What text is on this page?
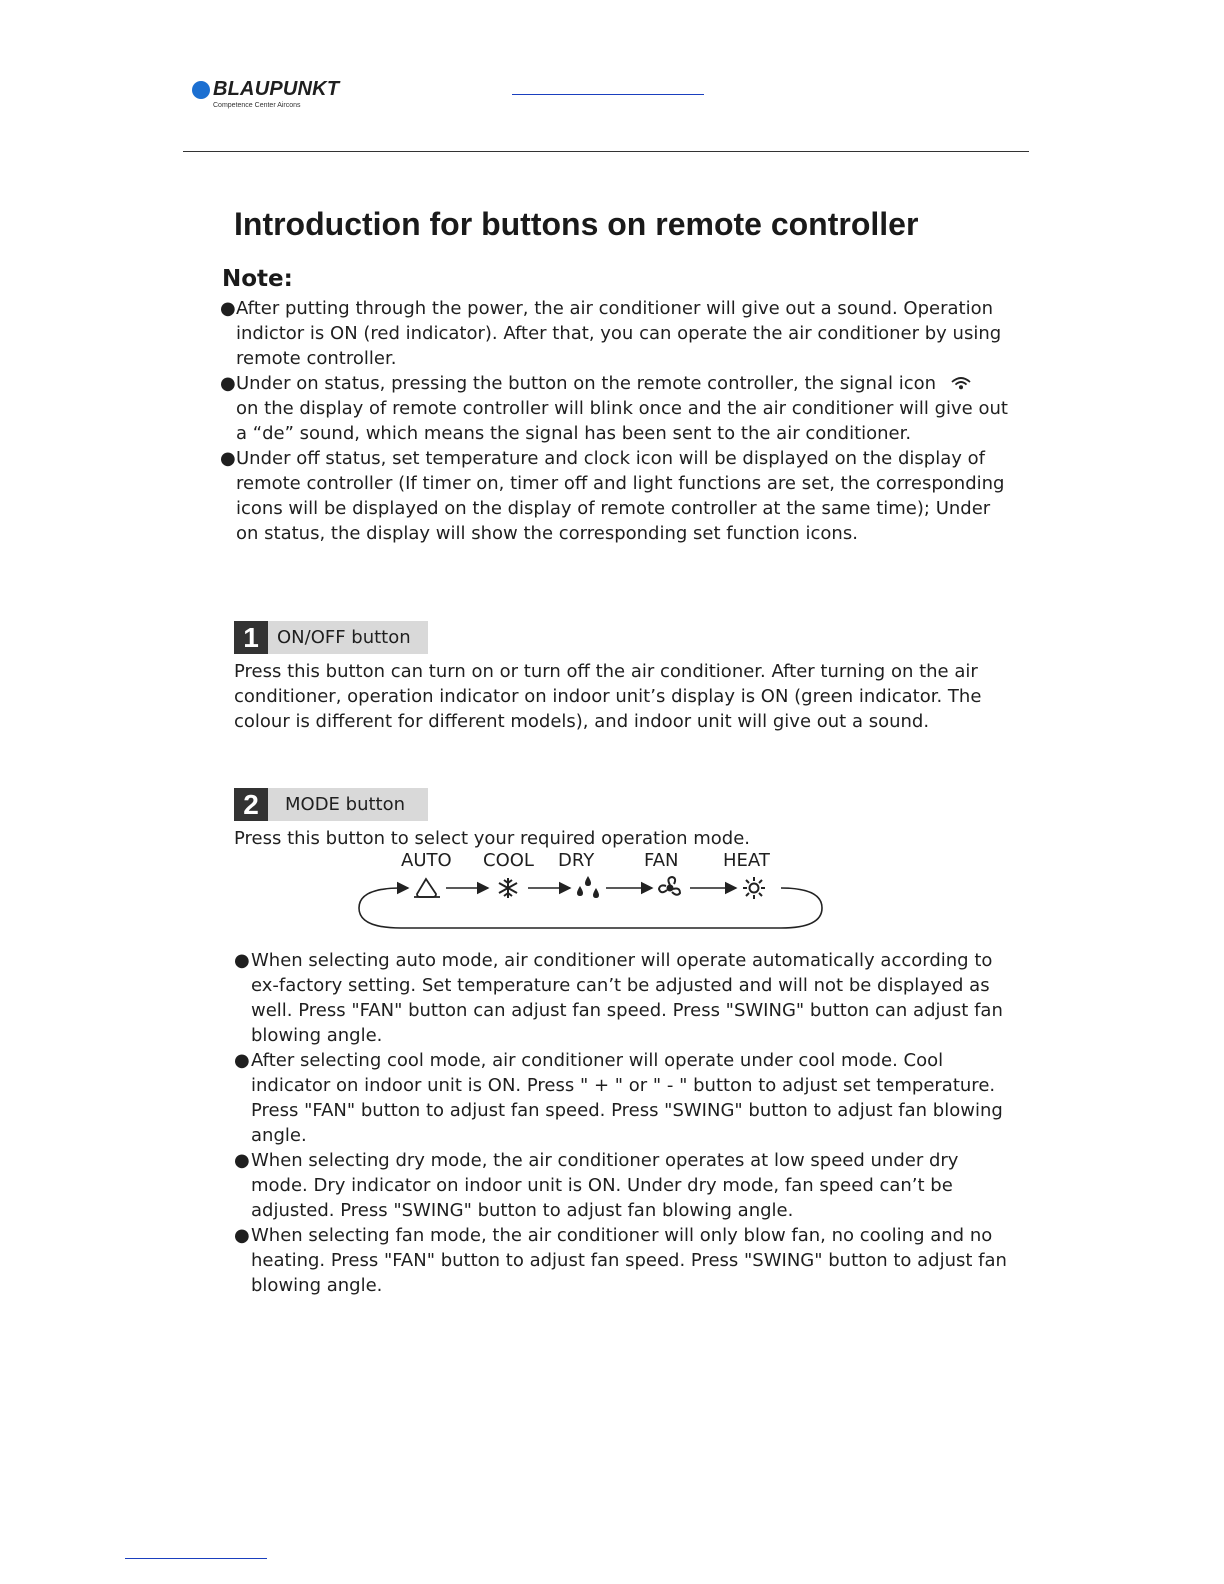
BLAUPUNKT
Competence Center Aircons
Introduction for buttons on remote controller
Note:
● After putting through the power, the air conditioner will give out a sound. Operation indictor is ON (red indicator). After that, you can operate the air conditioner by using remote controller.
● Under on status, pressing the button on the remote controller, the signal icon
on the display of remote controller will blink once and the air conditioner will give out a “de” sound, which means the signal has been sent to the air conditioner.
● Under off status, set temperature and clock icon will be displayed on the display of remote controller (If timer on, timer off and light functions are set, the corresponding icons will be displayed on the display of remote controller at the same time); Under on status, the display will show the corresponding set function icons.
1	ON/OFF button
Press this button can turn on or turn off the air conditioner. After turning on the air conditioner, operation indicator on indoor unit’s display is ON (green indicator. The colour is different for different models), and indoor unit will give out a sound.
2	MODE button
Press this button to select your required operation mode.
AUTO COOL DRY	FAN HEAT
● When selecting auto mode, air conditioner will operate automatically according to ex-factory setting. Set temperature can’t be adjusted and will not be displayed as well. Press "FAN" button can adjust fan speed. Press "SWING" button can adjust fan blowing angle.
● After selecting cool mode, air conditioner will operate under cool mode. Cool indicator on indoor unit is ON. Press " + " or " - " button to adjust set temperature. Press "FAN" button to adjust fan speed. Press "SWING" button to adjust fan blowing angle.
● When selecting dry mode, the air conditioner operates at low speed under dry mode. Dry indicator on indoor unit is ON. Under dry mode, fan speed can’t be adjusted. Press "SWING" button to adjust fan blowing angle.
● When selecting fan mode, the air conditioner will only blow fan, no cooling and no heating. Press "FAN" button to adjust fan speed. Press "SWING" button to adjust fan blowing angle.
